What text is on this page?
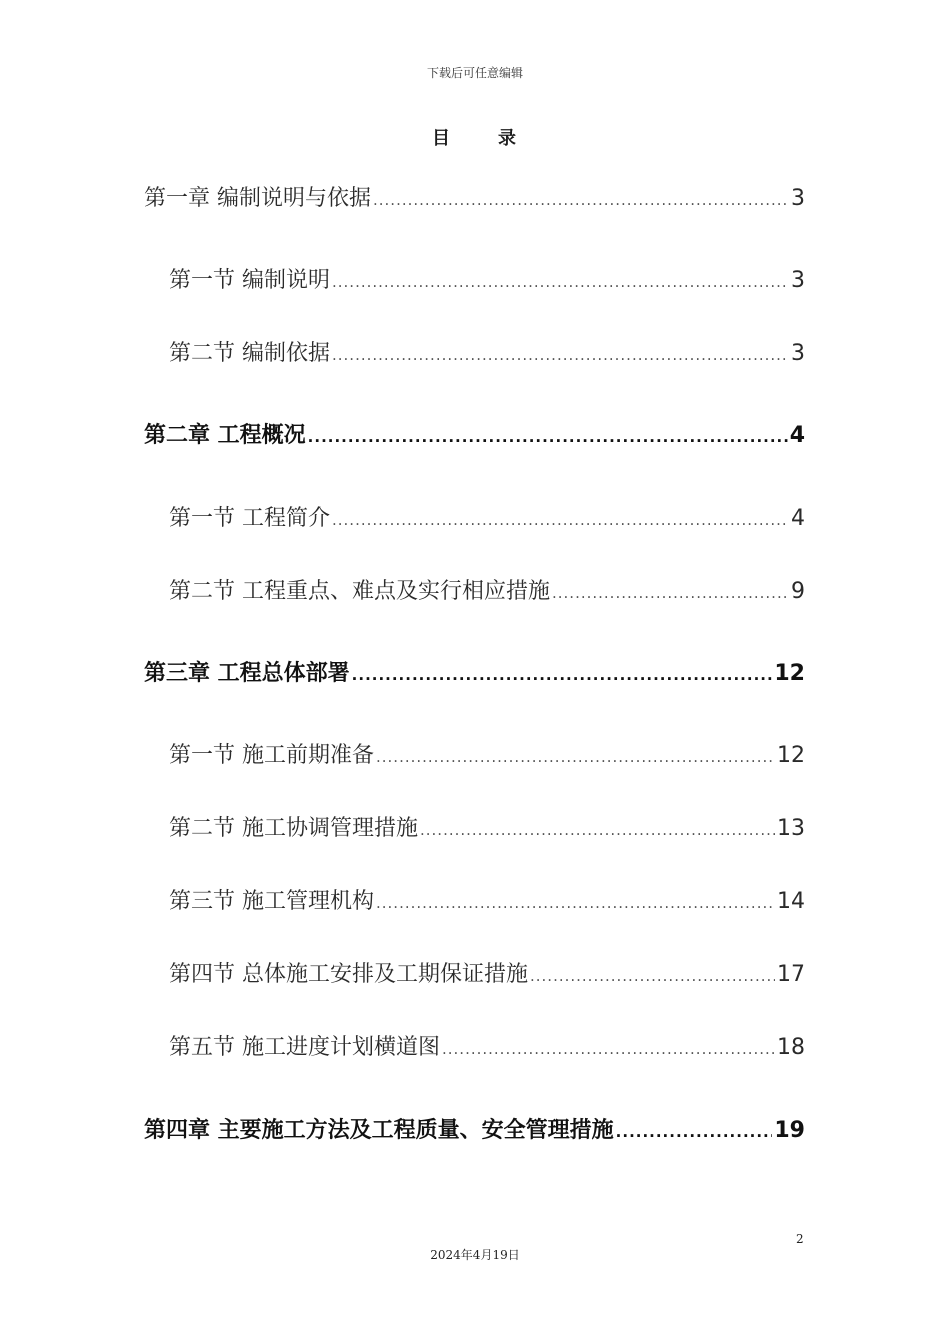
下载后可任意编辑
目	录
第一章 编制说明与依据 .....	3
第一节 编制说明 .....	3
第二节 编制依据 .....	3
第二章 工程概况 .....	4
第一节 工程简介 .....	4
第二节 工程重点、难点及实行相应措施 .....	9
第三章 工程总体部署 .....	12
第一节 施工前期准备 .....	12
第二节 施工协调管理措施 .....	13
第三节 施工管理机构 .....	14
第四节 总体施工安排及工期保证措施 .....	17
第五节 施工进度计划横道图 .....	18
第四章 主要施工方法及工程质量、安全管理措施 .....	19
2
2024年4月19日
